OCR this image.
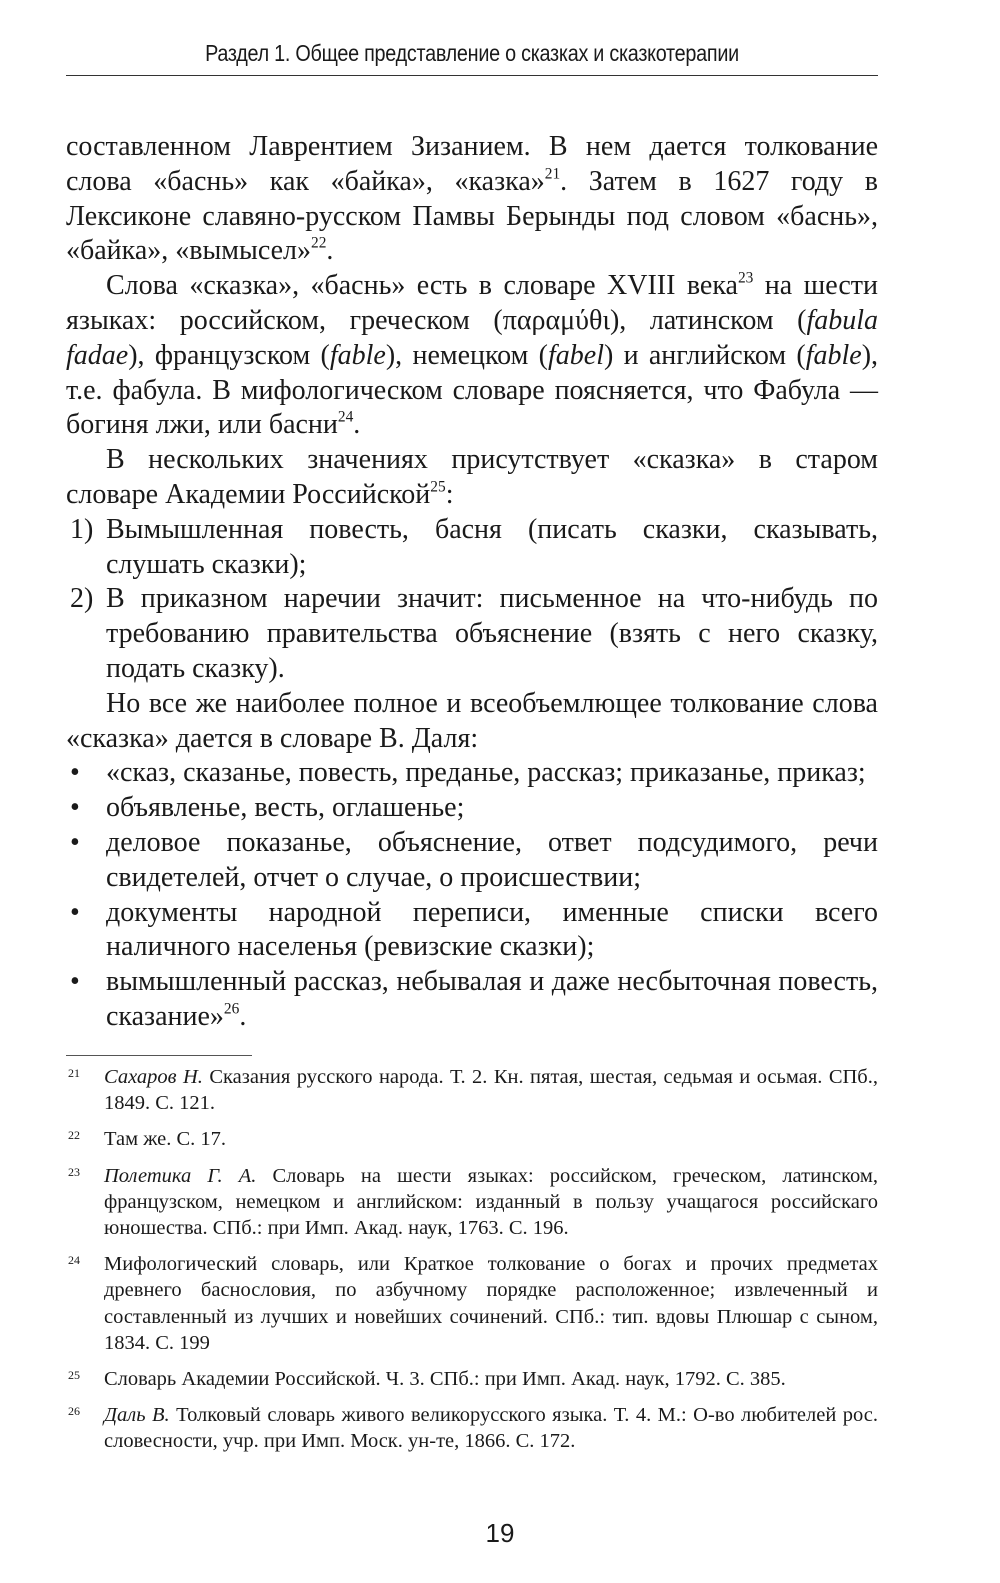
Раздел 1. Общее представление о сказках и сказкотерапии

составленном Лаврентием Зизанием. В нем дается толкование слова «баснь» как «байка», «казка»$^{21}$. Затем в 1627 году в Лексиконе славяно-русском Памвы Берынды под словом «баснь», «байка», «вымысел»$^{22}$.

Слова «сказка», «баснь» есть в словаре XVIII века$^{23}$ на шести языках: российском, греческом (παραμύθι), латинском (fabula fadae), французском (fable), немецком (fabel) и английском (fable), т.е. фабула. В мифологическом словаре поясняется, что Фабула — богиня лжи, или басни$^{24}$.

В нескольких значениях присутствует «сказка» в старом словаре Академии Российской$^{25}$:

1) Вымышленная повесть, басня (писать сказки, сказывать, слушать сказки);
2) В приказном наречии значит: письменное на что-нибудь по требованию правительства объяснение (взять с него сказку, подать сказку).

Но все же наиболее полное и всеобъемлющее толкование слова «сказка» дается в словаре В. Даля:

• «сказ, сказанье, повесть, преданье, рассказ; приказанье, приказ;
• объявленье, весть, оглашенье;
• деловое показанье, объяснение, ответ подсудимого, речи свидетелей, отчет о случае, о происшествии;
• документы народной переписи, именные списки всего наличного населенья (ревизские сказки);
• вымышленный рассказ, небывалая и даже несбыточная повесть, сказание»$^{26}$.
21 Сахаров Н. Сказания русского народа. Т. 2. Кн. пятая, шестая, седьмая и осьмая. СПб., 1849. С. 121.
22 Там же. С. 17.
23 Полетика Г. А. Словарь на шести языках: российском, греческом, латинском, французском, немецком и английском: изданный в пользу учащагося российскаго юношества. СПб.: при Имп. Акад. наук, 1763. С. 196.
24 Мифологический словарь, или Краткое толкование о богах и прочих предметах древнего баснословия, по азбучному порядке расположенное; извлеченный и составленный из лучших и новейших сочинений. СПб.: тип. вдовы Плюшар с сыном, 1834. С. 199
25 Словарь Академии Российской. Ч. 3. СПб.: при Имп. Акад. наук, 1792. С. 385.
26 Даль В. Толковый словарь живого великорусского языка. Т. 4. М.: О-во любителей рос. словесности, учр. при Имп. Моск. ун-те, 1866. С. 172.
19
